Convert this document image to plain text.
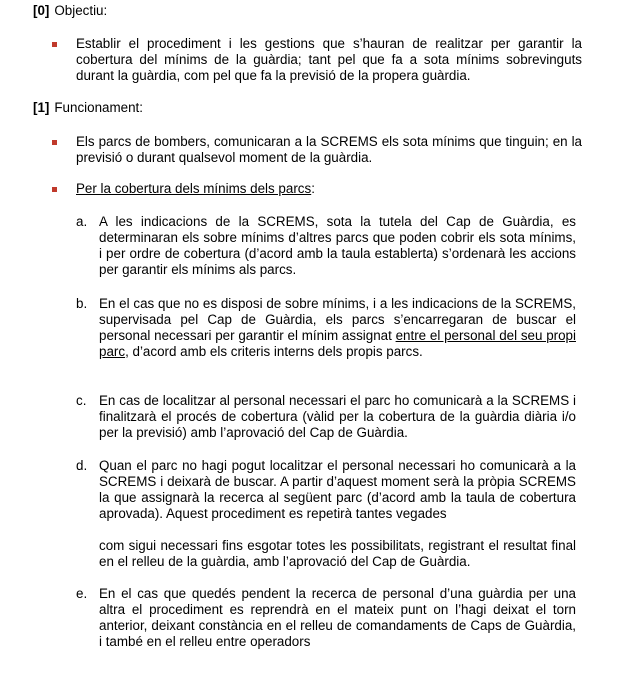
[0] Objectiu:
Establir el procediment i les gestions que s’hauran de realitzar per garantir la cobertura del mínims de la guàrdia; tant pel que fa a sota mínims sobrevinguts durant la guàrdia, com pel que fa la previsió de la propera guàrdia.
[1] Funcionament:
Els parcs de bombers, comunicaran a la SCREMS els sota mínims que tinguin; en la previsió o durant qualsevol moment de la guàrdia.
Per la cobertura dels mínims dels parcs:
a. A les indicacions de la SCREMS, sota la tutela del Cap de Guàrdia, es determinaran els sobre mínims d’altres parcs que poden cobrir els sota mínims, i per ordre de cobertura (d’acord amb la taula establerta) s’ordenarà les accions per garantir els mínims als parcs.
b. En el cas que no es disposi de sobre mínims, i a les indicacions de la SCREMS, supervisada pel Cap de Guàrdia, els parcs s’encarregaran de buscar el personal necessari per garantir el mínim assignat entre el personal del seu propi parc, d’acord amb els criteris interns dels propis parcs.
c. En cas de localitzar al personal necessari el parc ho comunicarà a la SCREMS i finalitzarà el procés de cobertura (vàlid per la cobertura de la guàrdia diària i/o per la previsió) amb l’aprovació del Cap de Guàrdia.
d. Quan el parc no hagi pogut localitzar el personal necessari ho comunicarà a la SCREMS i deixarà de buscar. A partir d’aquest moment serà la pròpia SCREMS la que assignarà la recerca al següent parc (d’acord amb la taula de cobertura aprovada). Aquest procediment es repetirà tantes vegades
com sigui necessari fins esgotar totes les possibilitats, registrant el resultat final en el relleu de la guàrdia, amb l’aprovació del Cap de Guàrdia.
e. En el cas que quedés pendent la recerca de personal d’una guàrdia per una altra el procediment es reprendrà en el mateix punt on l’hagi deixat el torn anterior, deixant constància en el relleu de comandaments de Caps de Guàrdia, i també en el relleu entre operadors
